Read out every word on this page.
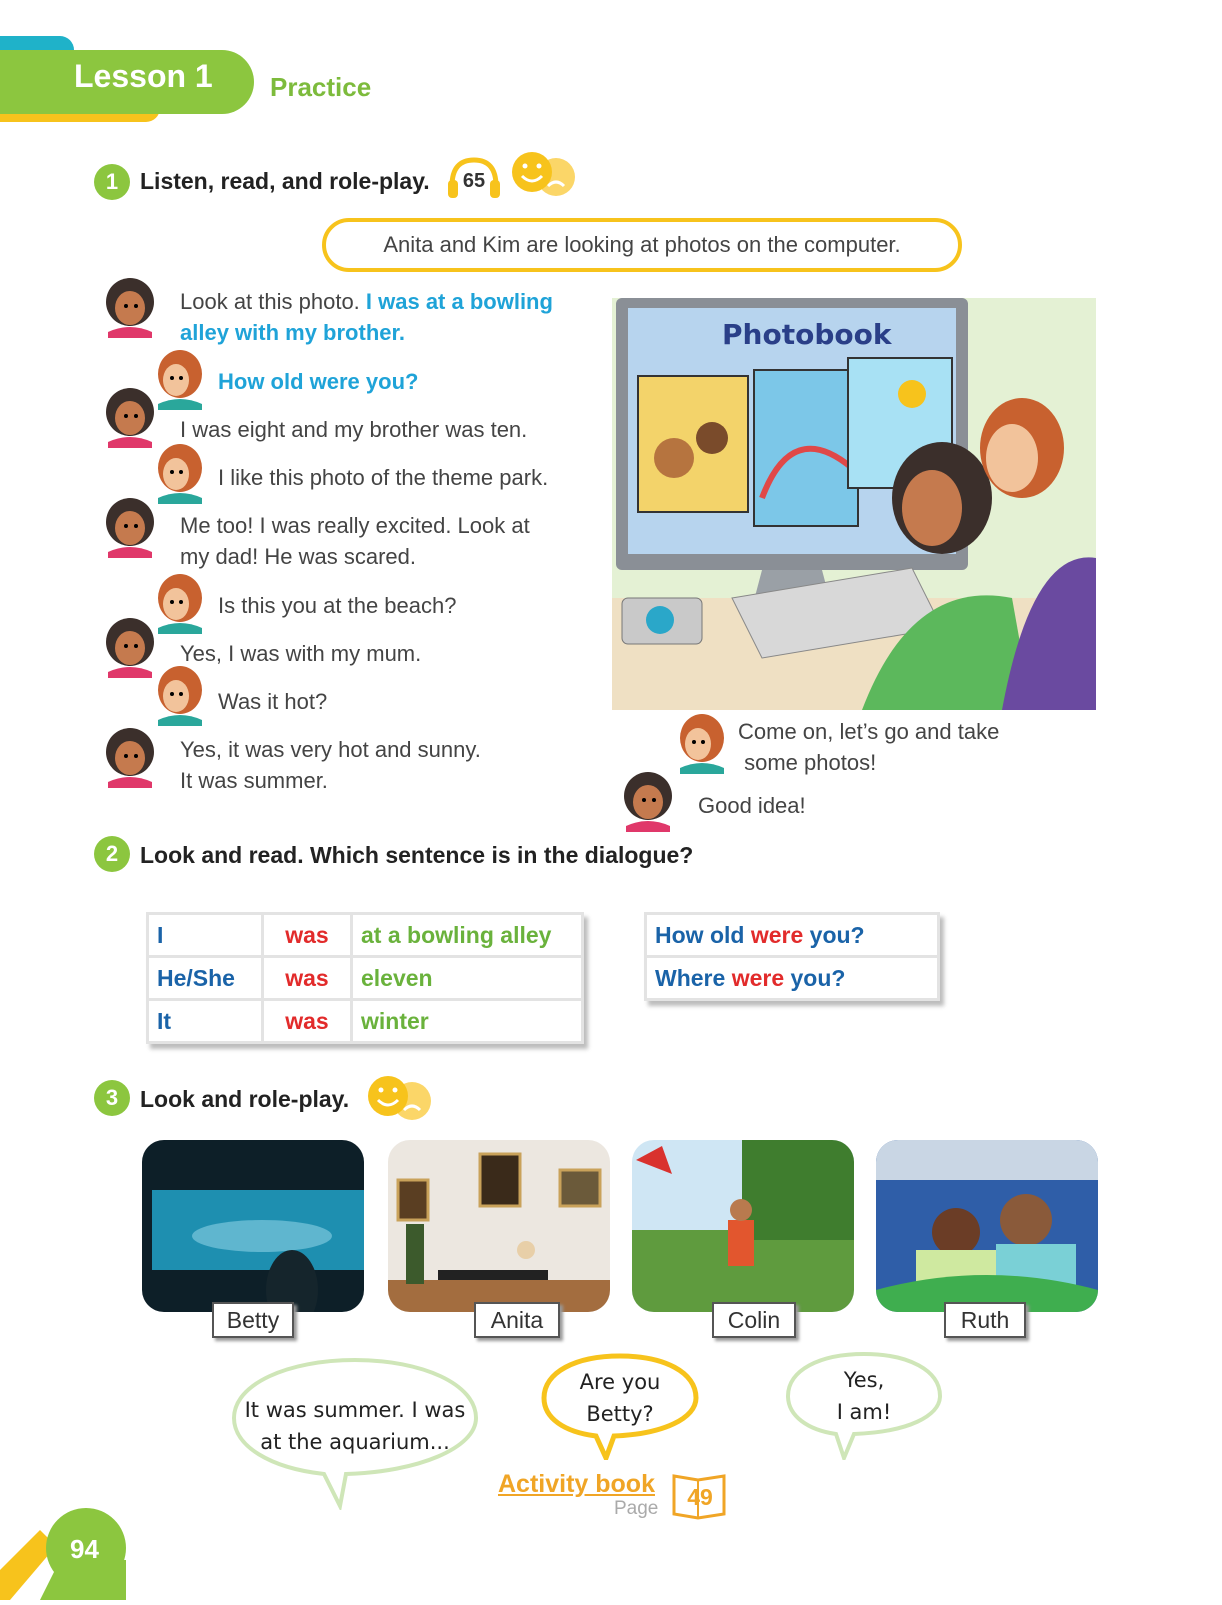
Lesson 1 Practice
1 Listen, read, and role-play. 65
Anita and Kim are looking at photos on the computer.
Look at this photo. I was at a bowling
alley with my brother.
How old were you?
I was eight and my brother was ten.
I like this photo of the theme park.
Me too! I was really excited. Look at
my dad! He was scared.
Is this you at the beach?
Yes, I was with my mum.
Was it hot?
Yes, it was very hot and sunny.
It was summer.
Come on, let’s go and take
some photos!
Good idea!
Photobook
2 Look and read. Which sentence is in the dialogue?
I	was	at a bowling alley
He/She	was	eleven
It	was	winter
How old were you?
Where were you?
3 Look and role-play.
Betty	Anita	Colin	Ruth
It was summer. I was
at the aquarium...
Are you
Betty?
Yes,
I am!
Activity book
Page	49
94
